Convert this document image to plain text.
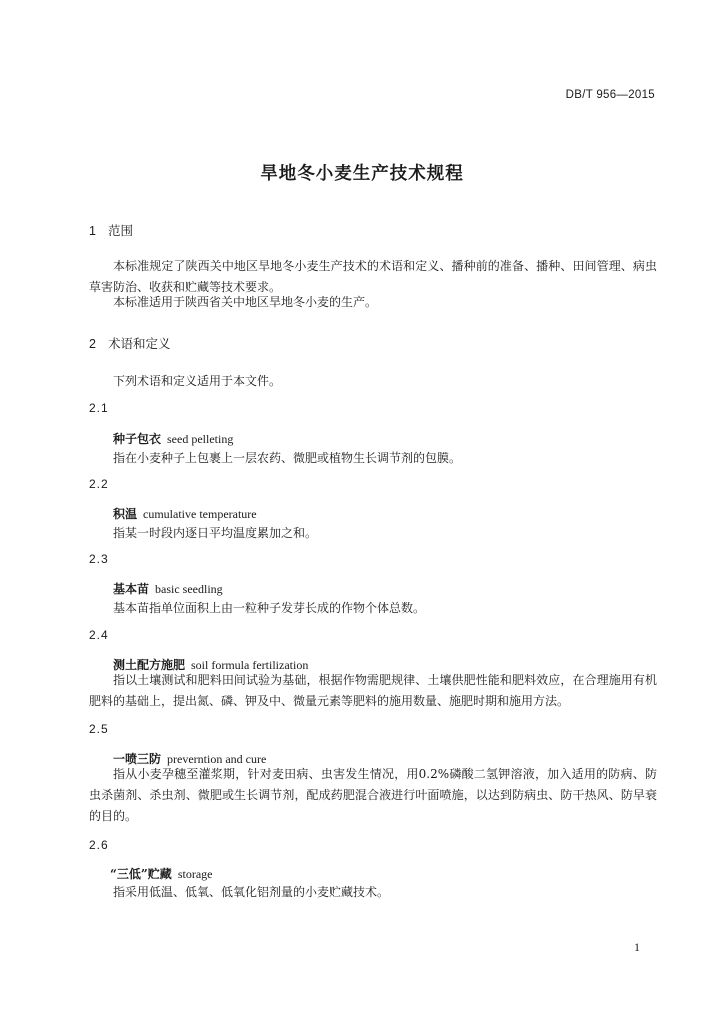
DB/T 956—2015
旱地冬小麦生产技术规程
1 范围
本标准规定了陕西关中地区旱地冬小麦生产技术的术语和定义、播种前的准备、播种、田间管理、病虫草害防治、收获和贮藏等技术要求。
本标准适用于陕西省关中地区旱地冬小麦的生产。
2 术语和定义
下列术语和定义适用于本文件。
2.1
种子包衣 seed pelleting
指在小麦种子上包裹上一层农药、微肥或植物生长调节剂的包膜。
2.2
积温 cumulative temperature
指某一时段内逐日平均温度累加之和。
2.3
基本苗 basic seedling
基本苗指单位面积上由一粒种子发芽长成的作物个体总数。
2.4
测土配方施肥 soil formula fertilization
指以土壤测试和肥料田间试验为基础，根据作物需肥规律、土壤供肥性能和肥料效应，在合理施用有机肥料的基础上，提出氮、磷、钾及中、微量元素等肥料的施用数量、施肥时期和施用方法。
2.5
一喷三防 preverntion and cure
指从小麦孕穗至灌浆期，针对麦田病、虫害发生情况，用0.2%磷酸二氢钾溶液，加入适用的防病、防虫杀菌剂、杀虫剂、微肥或生长调节剂，配成药肥混合液进行叶面喷施，以达到防病虫、防干热风、防早衰的目的。
2.6
“三低”贮藏 storage
指采用低温、低氧、低氧化铝剂量的小麦贮藏技术。
1
